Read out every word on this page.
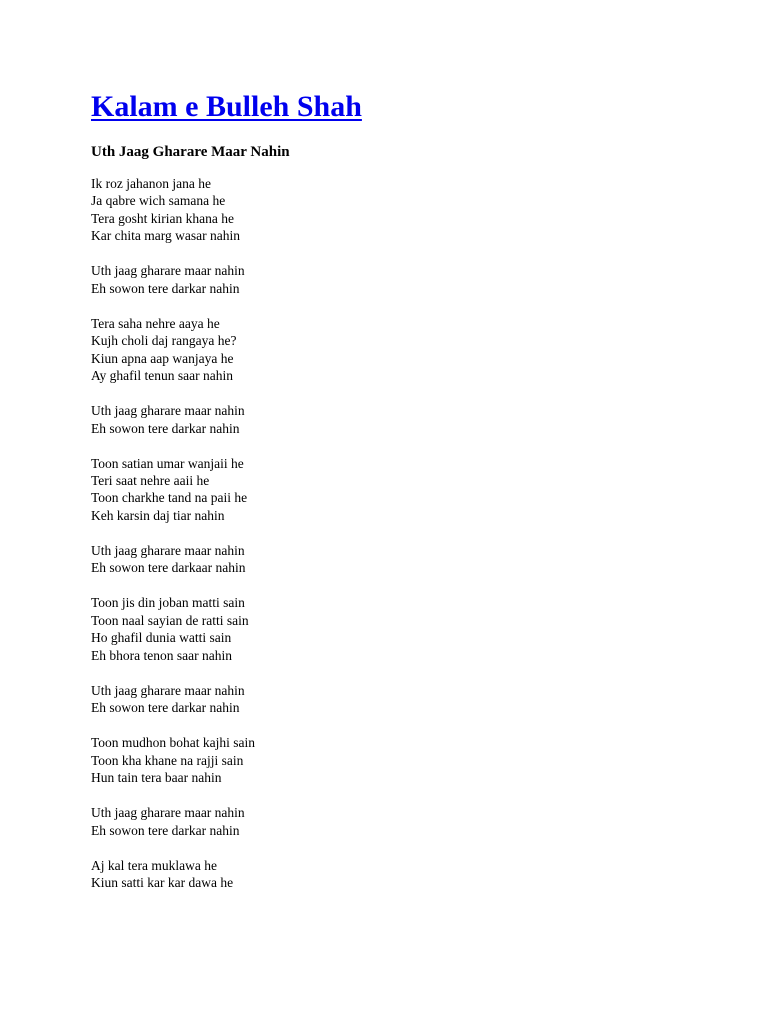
Kalam e Bulleh Shah
Uth Jaag Gharare Maar Nahin
Ik roz jahanon jana he
Ja qabre wich samana he
Tera gosht kirian khana he
Kar chita marg wasar nahin
Uth jaag gharare maar nahin
Eh sowon tere darkar nahin
Tera saha nehre aaya he
Kujh choli daj rangaya he?
Kiun apna aap wanjaya he
Ay ghafil tenun saar nahin
Uth jaag gharare maar nahin
Eh sowon tere darkar nahin
Toon satian umar wanjaii he
Teri saat nehre aaii he
Toon charkhe tand na paii he
Keh karsin daj tiar nahin
Uth jaag gharare maar nahin
Eh sowon tere darkaar nahin
Toon jis din joban matti sain
Toon naal sayian de ratti sain
Ho ghafil dunia watti sain
Eh bhora tenon saar nahin
Uth jaag gharare maar nahin
Eh sowon tere darkar nahin
Toon mudhon bohat kajhi sain
Toon kha khane na rajji sain
Hun tain tera baar nahin
Uth jaag gharare maar nahin
Eh sowon tere darkar nahin
Aj kal tera muklawa he
Kiun satti kar kar dawa he
